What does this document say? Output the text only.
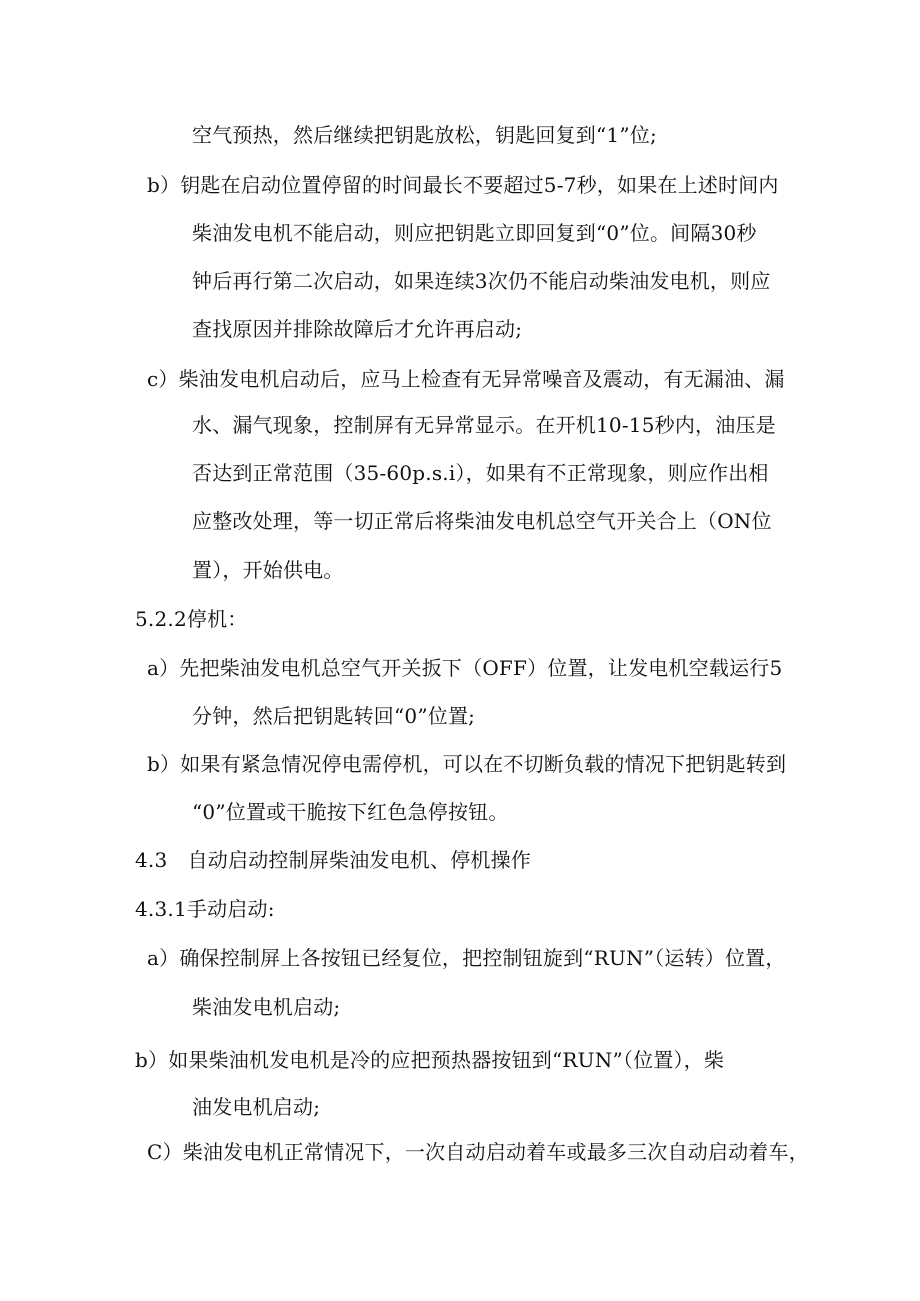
空气预热，然后继续把钥匙放松，钥匙回复到“1”位;
b）钥匙在启动位置停留的时间最长不要超过5-7秒，如果在上述时间内
柴油发电机不能启动，则应把钥匙立即回复到“0”位。间隔30秒
钟后再行第二次启动，如果连续3次仍不能启动柴油发电机，则应
查找原因并排除故障后才允许再启动;
c）柴油发电机启动后，应马上检查有无异常噪音及震动，有无漏油、漏
水、漏气现象，控制屏有无异常显示。在开机10-15秒内，油压是
否达到正常范围（35-60p.s.i），如果有不正常现象，则应作出相
应整改处理，等一切正常后将柴油发电机总空气开关合上（ON位
置），开始供电。
5.2.2停机：
a）先把柴油发电机总空气开关扳下（OFF）位置，让发电机空载运行5
分钟，然后把钥匙转回“0”位置;
b）如果有紧急情况停电需停机，可以在不切断负载的情况下把钥匙转到
“0”位置或干脆按下红色急停按钮。
4.3　自动启动控制屏柴油发电机、停机操作
4.3.1手动启动:
a）确保控制屏上各按钮已经复位，把控制钮旋到“RUN”（运转）位置，
柴油发电机启动;
b）如果柴油机发电机是冷的应把预热器按钮到“RUN”（位置），柴
油发电机启动;
C）柴油发电机正常情况下，一次自动启动着车或最多三次自动启动着车，
